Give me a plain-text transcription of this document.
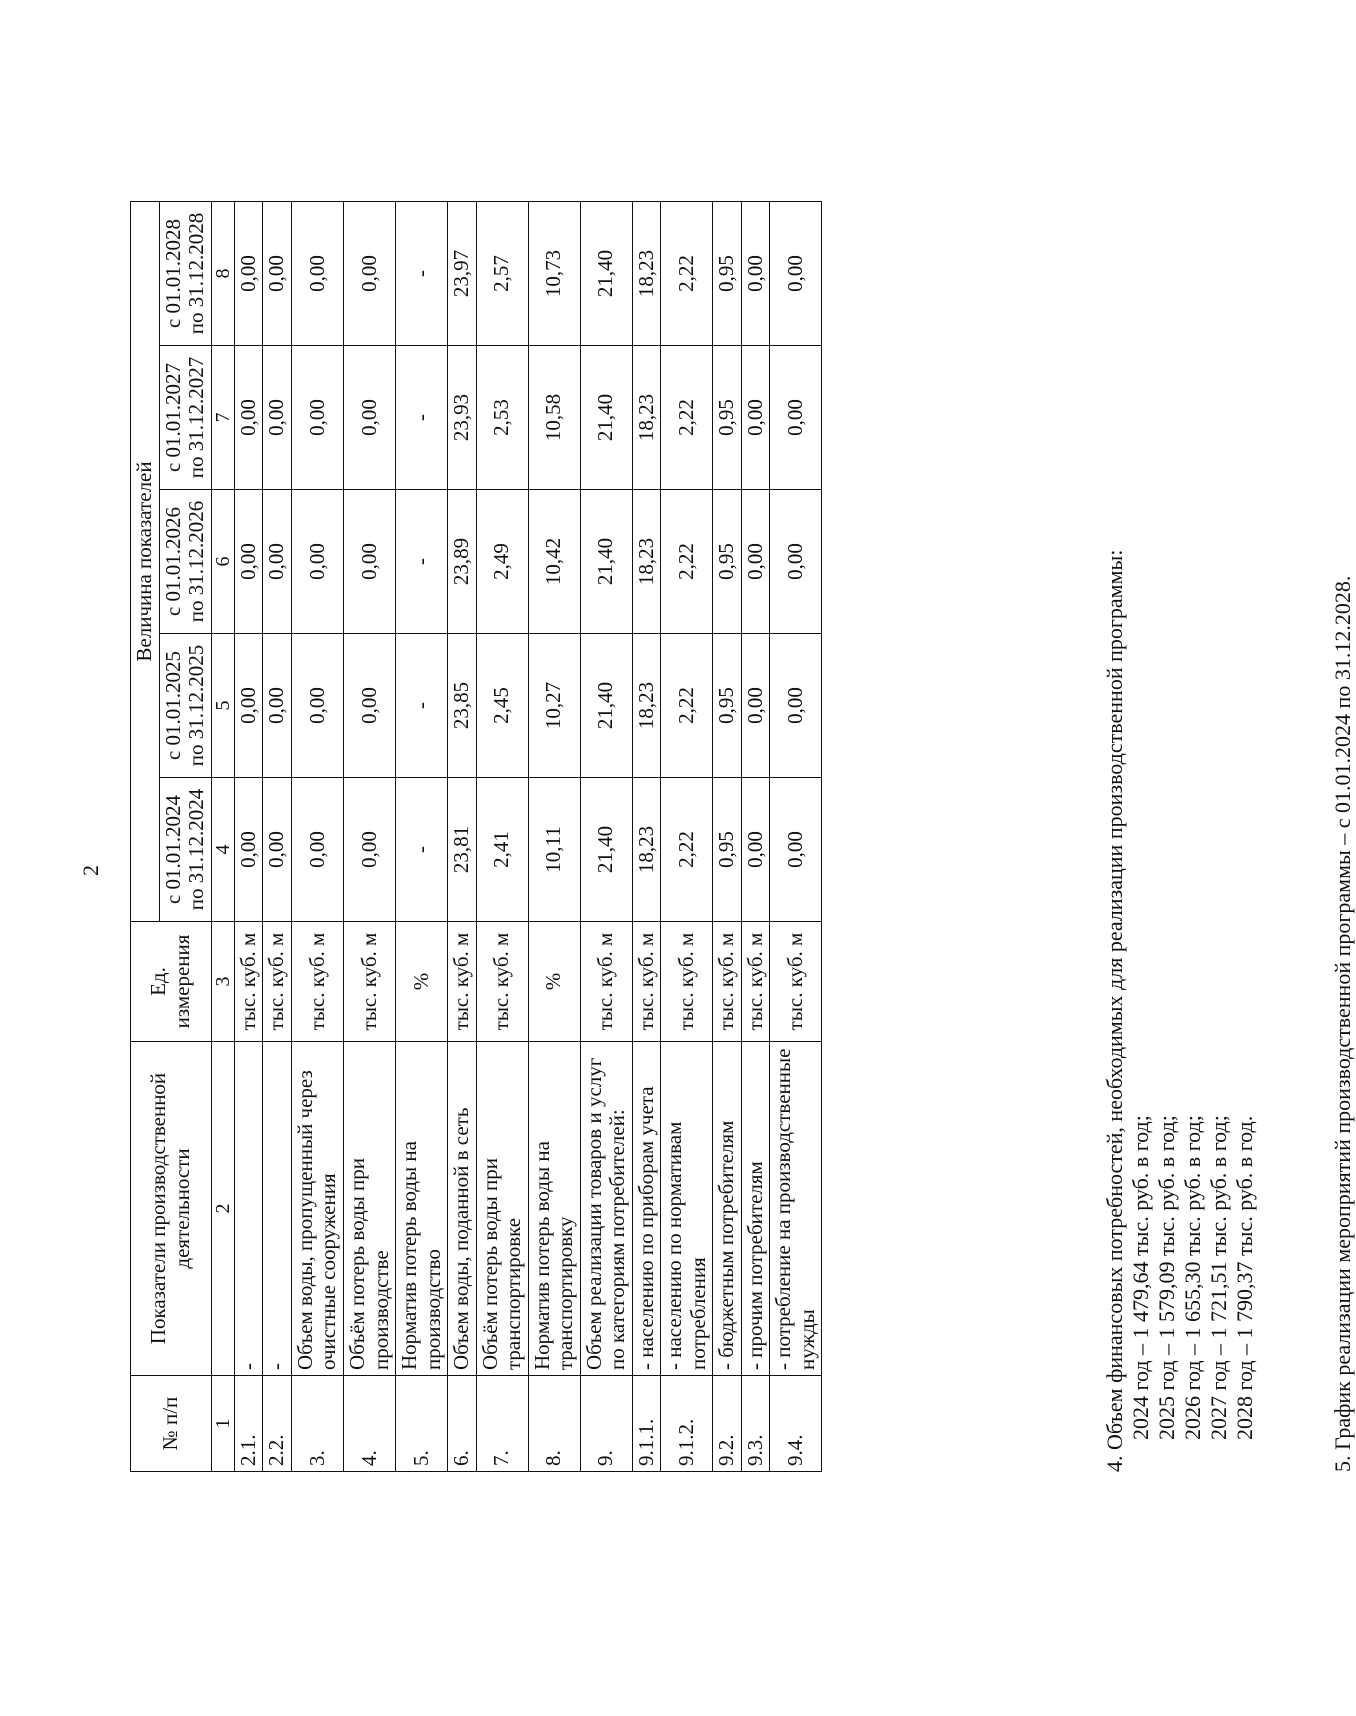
2
№ п/п	Показатели производственной деятельности	Ед. измерения	Величина показателей				
			с 01.01.2024 по 31.12.2024	с 01.01.2025 по 31.12.2025	с 01.01.2026 по 31.12.2026	с 01.01.2027 по 31.12.2027	с 01.01.2028 по 31.12.2028
1	2	3	4	5	6	7	8
2.1.	-	тыс. куб. м	0,00	0,00	0,00	0,00	0,00
2.2.	-	тыс. куб. м	0,00	0,00	0,00	0,00	0,00
3.	Объем воды, пропущенный через очистные сооружения	тыс. куб. м	0,00	0,00	0,00	0,00	0,00
4.	Объём потерь воды при производстве	тыс. куб. м	0,00	0,00	0,00	0,00	0,00
5.	Норматив потерь воды на производство	%	-	-	-	-	-
6.	Объем воды, поданной в сеть	тыс. куб. м	23,81	23,85	23,89	23,93	23,97
7.	Объём потерь воды при транспортировке	тыс. куб. м	2,41	2,45	2,49	2,53	2,57
8.	Норматив потерь воды на транспортировку	%	10,11	10,27	10,42	10,58	10,73
9.	Объем реализации товаров и услуг по категориям потребителей:	тыс. куб. м	21,40	21,40	21,40	21,40	21,40
9.1.1.	- населению по приборам учета	тыс. куб. м	18,23	18,23	18,23	18,23	18,23
9.1.2.	- населению по нормативам потребления	тыс. куб. м	2,22	2,22	2,22	2,22	2,22
9.2.	- бюджетным потребителям	тыс. куб. м	0,95	0,95	0,95	0,95	0,95
9.3.	- прочим потребителям	тыс. куб. м	0,00	0,00	0,00	0,00	0,00
9.4.	- потребление на производственные нужды	тыс. куб. м	0,00	0,00	0,00	0,00	0,00
4. Объем финансовых потребностей, необходимых для реализации производственной программы: 2024 год – 1 479,64 тыс. руб. в год; 2025 год – 1 579,09 тыс. руб. в год; 2026 год – 1 655,30 тыс. руб. в год; 2027 год – 1 721,51 тыс. руб. в год; 2028 год – 1 790,37 тыс. руб. в год.	5. График реализации мероприятий производственной программы – с 01.01.2024 по 31.12.2028.
